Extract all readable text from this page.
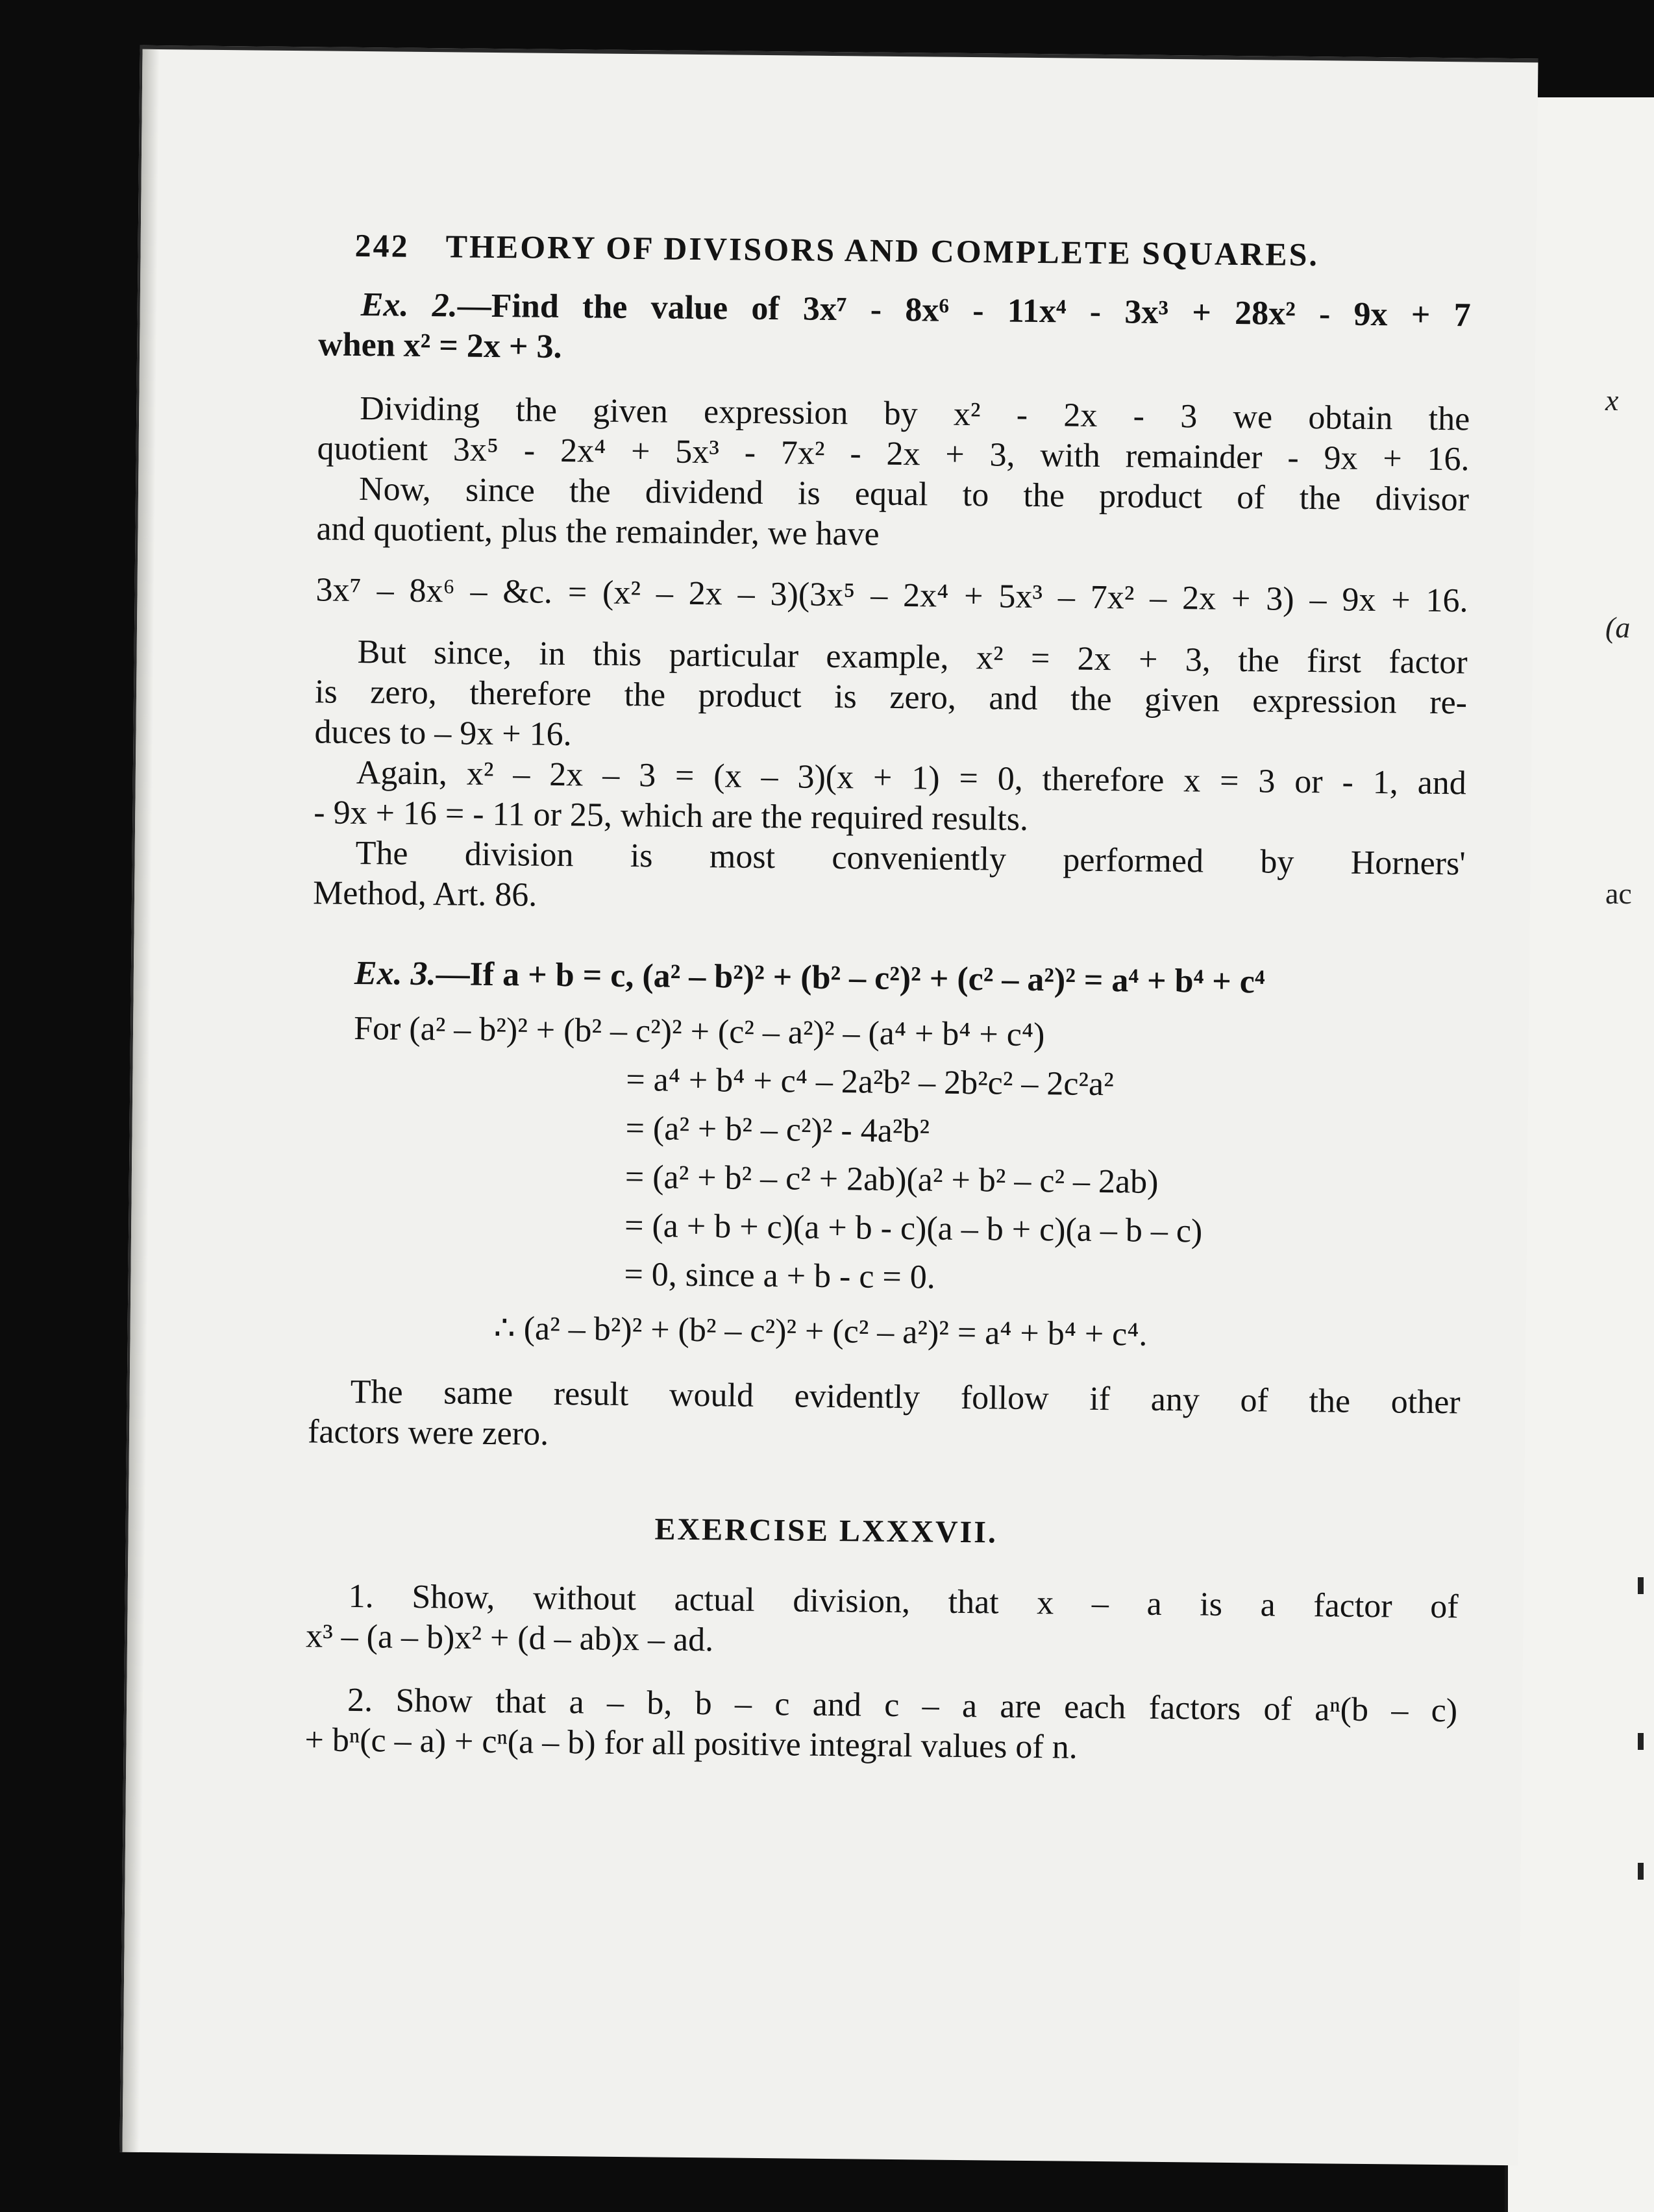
x
(a
ac
242 THEORY OF DIVISORS AND COMPLETE SQUARES.
Ex. 2.—Find the value of 3x⁷ - 8x⁶ - 11x⁴ - 3x³ + 28x² - 9x + 7
when x² = 2x + 3.
Dividing the given expression by x² - 2x - 3 we obtain the
quotient 3x⁵ - 2x⁴ + 5x³ - 7x² - 2x + 3, with remainder - 9x + 16.
Now, since the dividend is equal to the product of the divisor
and quotient, plus the remainder, we have
3x⁷ – 8x⁶ – &c. = (x² – 2x – 3)(3x⁵ – 2x⁴ + 5x³ – 7x² – 2x + 3) – 9x + 16.
But since, in this particular example, x² = 2x + 3, the first factor
is zero, therefore the product is zero, and the given expression re-
duces to – 9x + 16.
Again, x² – 2x – 3 = (x – 3)(x + 1) = 0, therefore x = 3 or - 1, and
- 9x + 16 = - 11 or 25, which are the required results.
The division is most conveniently performed by Horners'
Method, Art. 86.
Ex. 3.—If a + b = c, (a² – b²)² + (b² – c²)² + (c² – a²)² = a⁴ + b⁴ + c⁴
For (a² – b²)² + (b² – c²)² + (c² – a²)² – (a⁴ + b⁴ + c⁴)
= a⁴ + b⁴ + c⁴ – 2a²b² – 2b²c² – 2c²a²
= (a² + b² – c²)² - 4a²b²
= (a² + b² – c² + 2ab)(a² + b² – c² – 2ab)
= (a + b + c)(a + b - c)(a – b + c)(a – b – c)
= 0, since a + b - c = 0.
∴ (a² – b²)² + (b² – c²)² + (c² – a²)² = a⁴ + b⁴ + c⁴.
The same result would evidently follow if any of the other
factors were zero.
EXERCISE LXXXVII.
1. Show, without actual division, that x – a is a factor of
x³ – (a – b)x² + (d – ab)x – ad.
2. Show that a – b, b – c and c – a are each factors of aⁿ(b – c)
+ bⁿ(c – a) + cⁿ(a – b) for all positive integral values of n.
